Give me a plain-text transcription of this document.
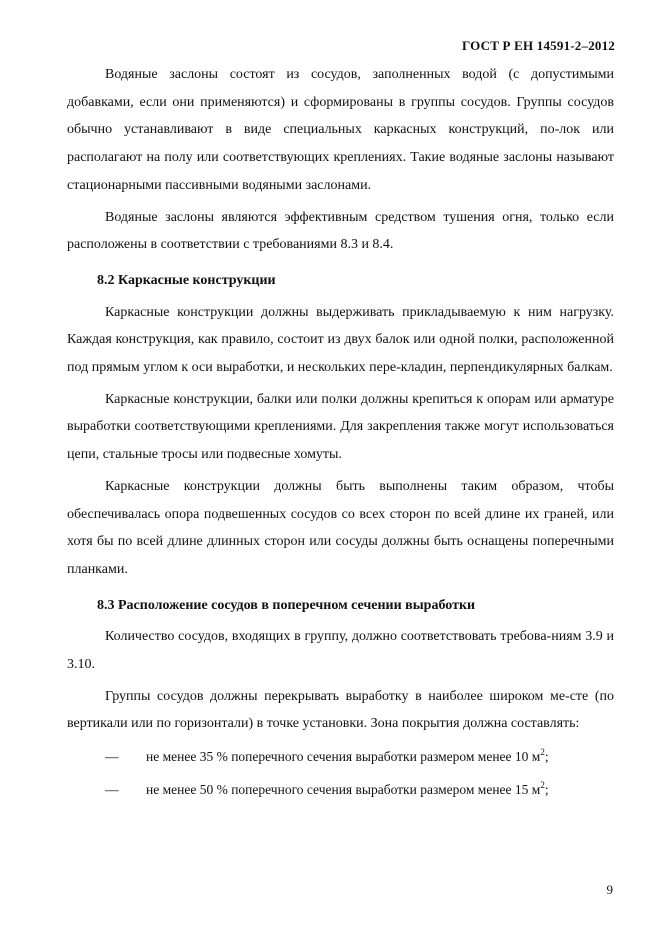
ГОСТ Р ЕН 14591-2–2012

Водяные заслоны состоят из сосудов, заполненных водой (с допустимыми добавками, если они применяются) и сформированы в группы сосудов. Группы сосудов обычно устанавливают в виде специальных каркасных конструкций, по-лок или располагают на полу или соответствующих креплениях. Такие водяные заслоны называют стационарными пассивными водяными заслонами.

Водяные заслоны являются эффективным средством тушения огня, только если расположены в соответствии с требованиями 8.3 и 8.4.

8.2 Каркасные конструкции

Каркасные конструкции должны выдерживать прикладываемую к ним нагрузку. Каждая конструкция, как правило, состоит из двух балок или одной полки, расположенной под прямым углом к оси выработки, и нескольких пере-кладин, перпендикулярных балкам.

Каркасные конструкции, балки или полки должны крепиться к опорам или арматуре выработки соответствующими креплениями. Для закрепления также могут использоваться цепи, стальные тросы или подвесные хомуты.

Каркасные конструкции должны быть выполнены таким образом, чтобы обеспечивалась опора подвешенных сосудов со всех сторон по всей длине их граней, или хотя бы по всей длине длинных сторон или сосуды должны быть оснащены поперечными планками.

8.3 Расположение сосудов в поперечном сечении выработки

Количество сосудов, входящих в группу, должно соответствовать требова-ниям 3.9 и 3.10.

Группы сосудов должны перекрывать выработку в наиболее широком ме-сте (по вертикали или по горизонтали) в точке установки. Зона покрытия должна составлять:

— не менее 35 % поперечного сечения выработки размером менее 10 $м^2$;
— не менее 50 % поперечного сечения выработки размером менее 15 $м^2$;
9
